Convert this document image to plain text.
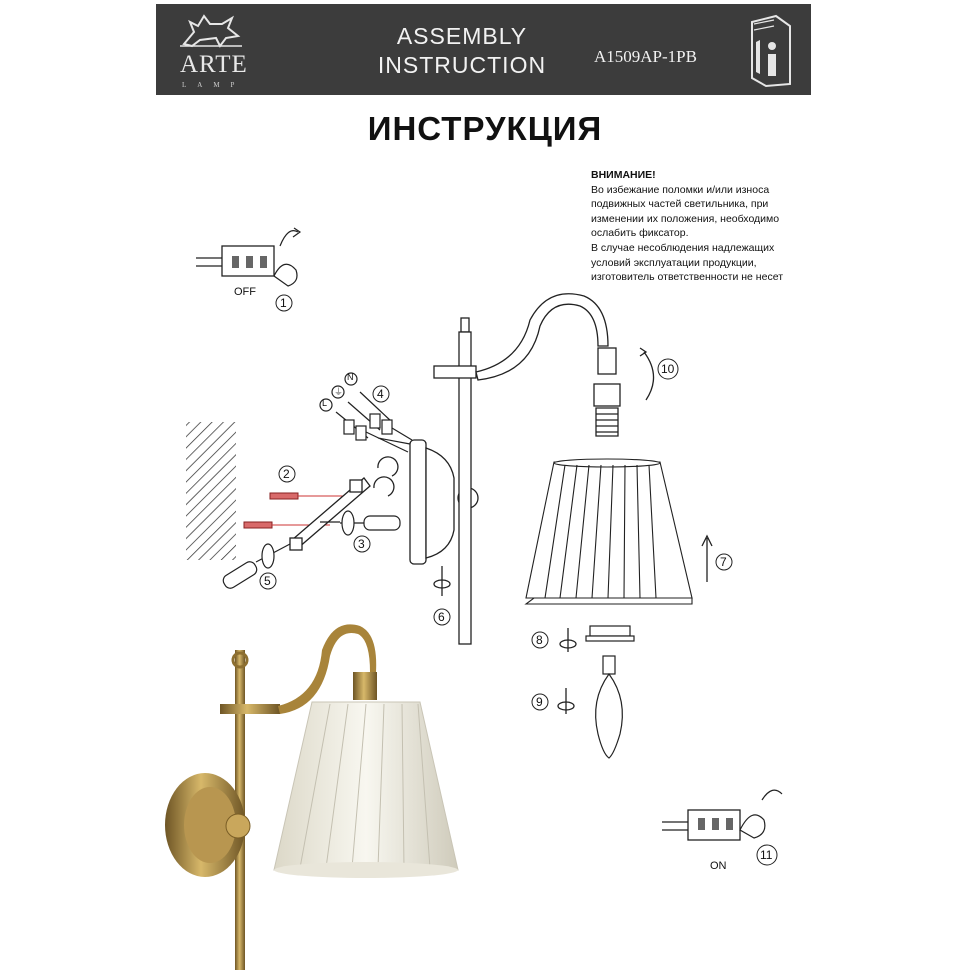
ARTE
LAMP
ASSEMBLY
INSTRUCTION	A1509AP-1PB
ИНСТРУКЦИЯ
ВНИМАНИЕ!
Во избежание поломки и/или износа
подвижных частей светильника, при
изменении их положения, необходимо
ослабить фиксатор.
В случае несоблюдения надлежащих
условий эксплуатации продукции,
изготовитель ответственности не несет
OFF
ON
L
⏚
N
1
2
3
4
5
6
7
8
9
10
11
